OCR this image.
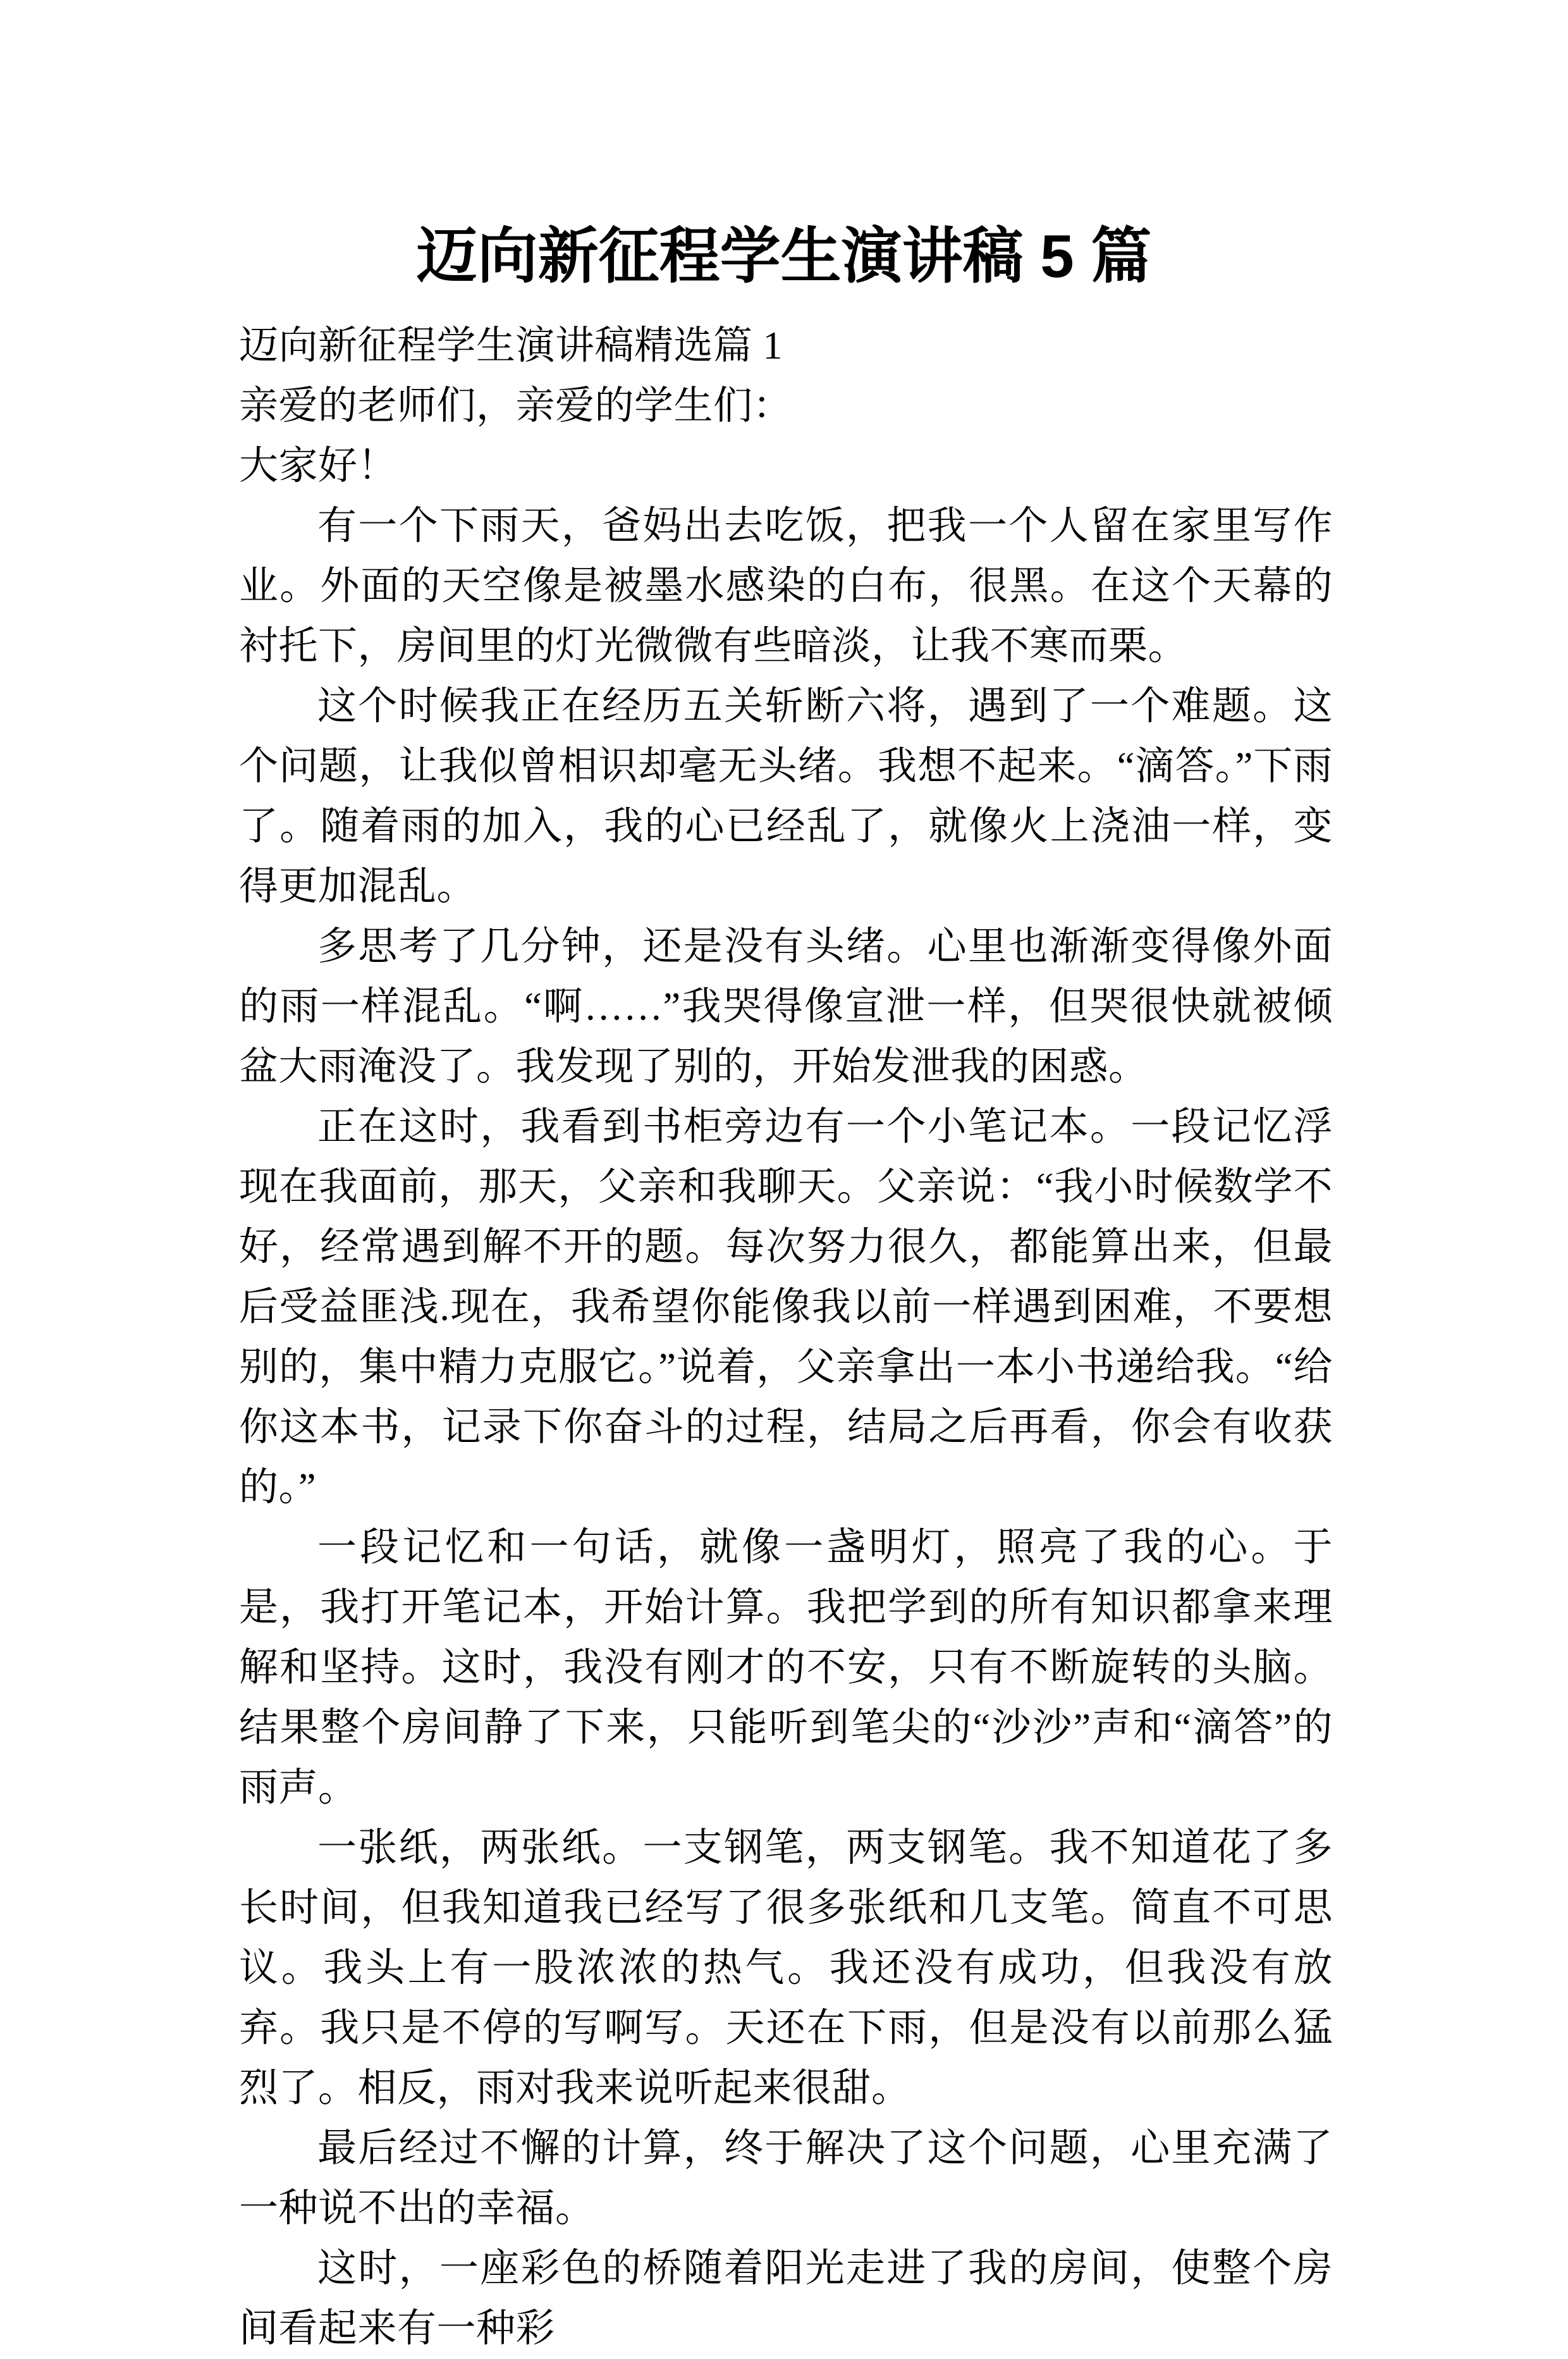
迈向新征程学生演讲稿 5 篇

迈向新征程学生演讲稿精选篇 1

亲爱的老师们，亲爱的学生们：

大家好！

有一个下雨天，爸妈出去吃饭，把我一个人留在家里写作业。外面的天空像是被墨水感染的白布，很黑。在这个天幕的衬托下，房间里的灯光微微有些暗淡，让我不寒而栗。

这个时候我正在经历五关斩断六将，遇到了一个难题。这个问题，让我似曾相识却毫无头绪。我想不起来。“滴答。”下雨了。随着雨的加入，我的心已经乱了，就像火上浇油一样，变得更加混乱。

多思考了几分钟，还是没有头绪。心里也渐渐变得像外面的雨一样混乱。“啊……”我哭得像宣泄一样，但哭很快就被倾盆大雨淹没了。我发现了别的，开始发泄我的困惑。

正在这时，我看到书柜旁边有一个小笔记本。一段记忆浮现在我面前，那天，父亲和我聊天。父亲说：“我小时候数学不好，经常遇到解不开的题。每次努力很久，都能算出来，但最后受益匪浅.现在，我希望你能像我以前一样遇到困难，不要想别的，集中精力克服它。”说着，父亲拿出一本小书递给我。“给你这本书，记录下你奋斗的过程，结局之后再看，你会有收获的。”

一段记忆和一句话，就像一盏明灯，照亮了我的心。于是，我打开笔记本，开始计算。我把学到的所有知识都拿来理解和坚持。这时，我没有刚才的不安，只有不断旋转的头脑。结果整个房间静了下来，只能听到笔尖的“沙沙”声和“滴答”的雨声。

一张纸，两张纸。一支钢笔，两支钢笔。我不知道花了多长时间，但我知道我已经写了很多张纸和几支笔。简直不可思议。我头上有一股浓浓的热气。我还没有成功，但我没有放弃。我只是不停的写啊写。天还在下雨，但是没有以前那么猛烈了。相反，雨对我来说听起来很甜。

最后经过不懈的计算，终于解决了这个问题，心里充满了一种说不出的幸福。

这时，一座彩色的桥随着阳光走进了我的房间，使整个房间看起来有一种彩
